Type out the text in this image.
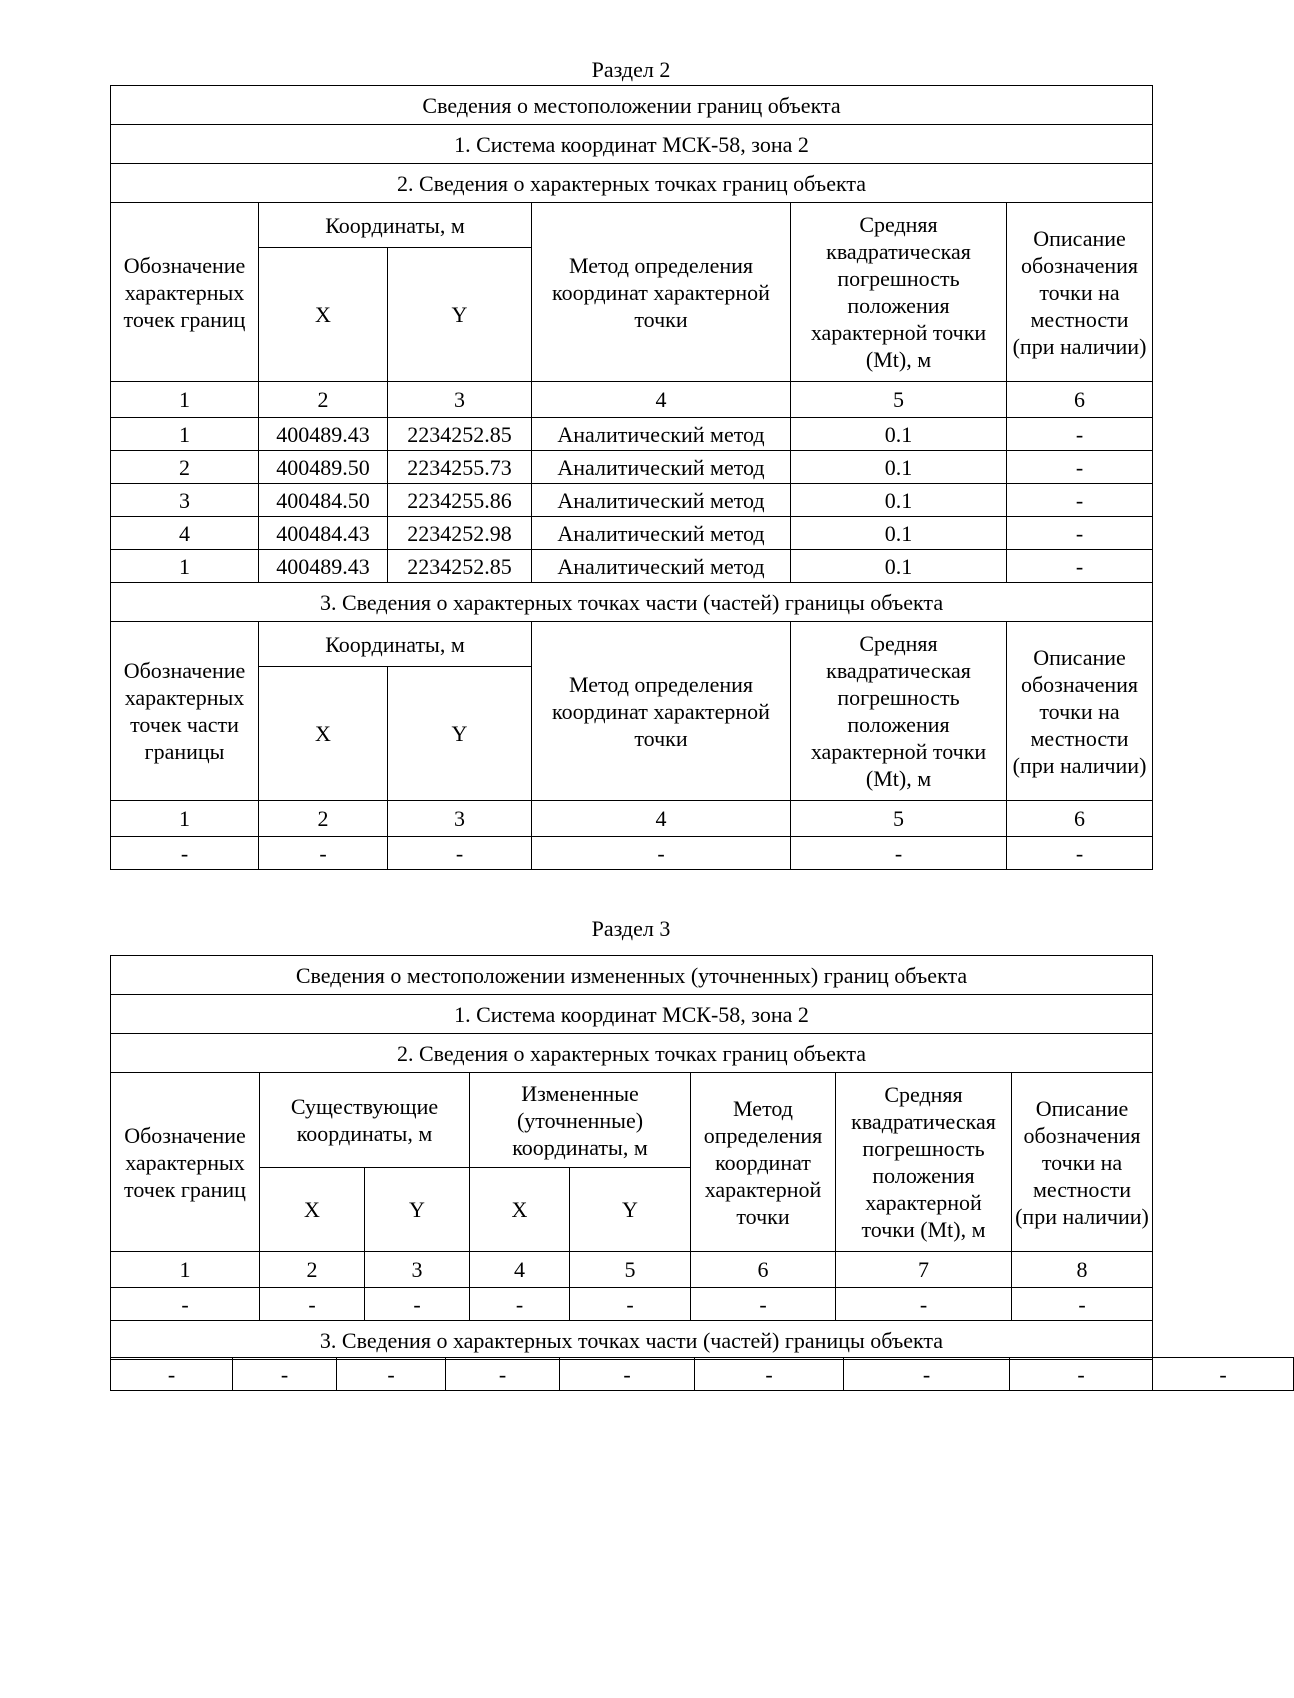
Раздел 2
Сведения о местоположении границ объекта					
1. Система координат МСК-58, зона 2					
2. Сведения о характерных точках границ объекта					
Обозначение характерных точек границ	Координаты, м		Метод определения координат характерной точки	Средняя квадратическая погрешность положения характерной точки (Mt), м	Описание обозначения точки на местности (при наличии)
	X	Y			
1	2	3	4	5	6
1	400489.43	2234252.85	Аналитический метод	0.1	-
2	400489.50	2234255.73	Аналитический метод	0.1	-
3	400484.50	2234255.86	Аналитический метод	0.1	-
4	400484.43	2234252.98	Аналитический метод	0.1	-
1	400489.43	2234252.85	Аналитический метод	0.1	-
3. Сведения о характерных точках части (частей) границы объекта					
Обозначение характерных точек части границы	Координаты, м		Метод определения координат характерной точки	Средняя квадратическая погрешность положения характерной точки (Mt), м	Описание обозначения точки на местности (при наличии)
	X	Y			
1	2	3	4	5	6
-	-	-	-	-	-
Раздел 3
Сведения о местоположении измененных (уточненных) границ объекта							
1. Система координат МСК-58, зона 2							
2. Сведения о характерных точках границ объекта							
Обозначение характерных точек границ	Существующие координаты, м		Измененные (уточненные) координаты, м		Метод определения координат характерной точки	Средняя квадратическая погрешность положения характерной точки (Mt), м	Описание обозначения точки на местности (при наличии)
	X	Y	X	Y			
1	2	3	4	5	6	7	8
-	-	-	-	-	-	-	-
3. Сведения о характерных точках части (частей) границы объекта							
-	-	-	-	-	-	-	-	-
